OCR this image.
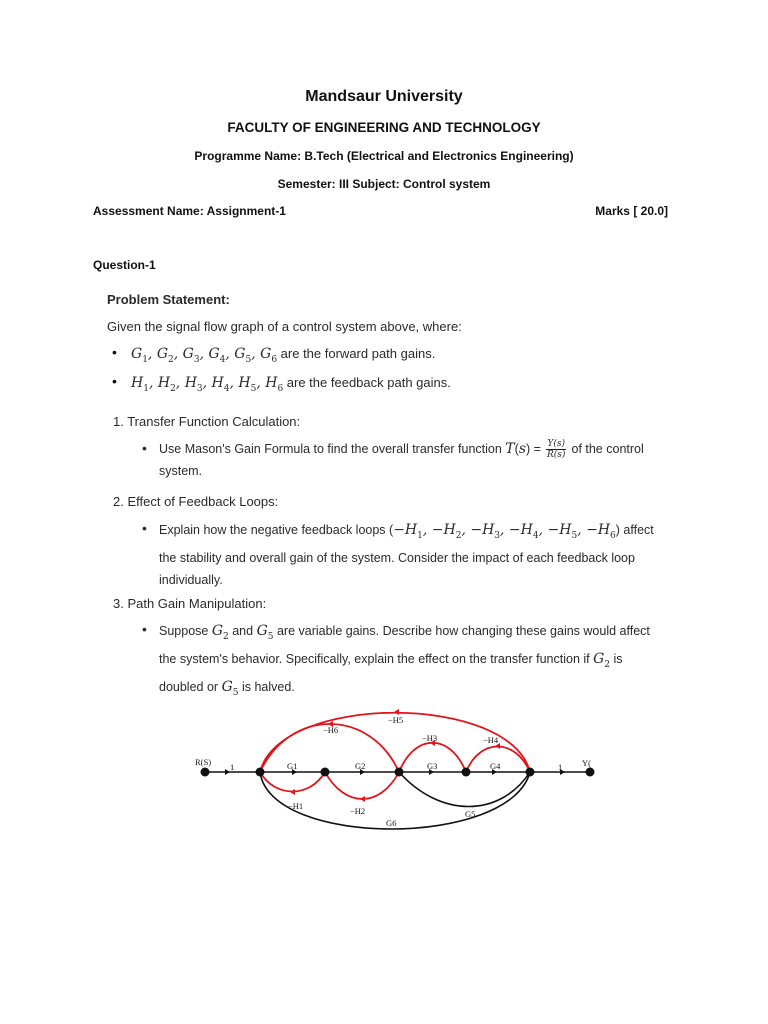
Mandsaur University
FACULTY OF ENGINEERING AND TECHNOLOGY
Programme Name: B.Tech (Electrical and Electronics Engineering)
Semester: III Subject: Control system
Assessment Name: Assignment-1	Marks [ 20.0]
Question-1
Problem Statement:
Given the signal flow graph of a control system above, where:
• $G_1$, $G_2$, $G_3$, $G_4$, $G_5$, $G_6$ are the forward path gains.
• $H_1$, $H_2$, $H_3$, $H_4$, $H_5$, $H_6$ are the feedback path gains.
1. Transfer Function Calculation:
• Use Mason's Gain Formula to find the overall transfer function $T(s) = \frac{Y(s)}{R(s)}$ of the control
system.
2. Effect of Feedback Loops:
• Explain how the negative feedback loops ($-H_1$, $-H_2$, $-H_3$, $-H_4$, $-H_5$, $-H_6$) affect
the stability and overall gain of the system. Consider the impact of each feedback loop
individually.
3. Path Gain Manipulation:
• Suppose $G_2$ and $G_5$ are variable gains. Describe how changing these gains would affect
the system's behavior. Specifically, explain the effect on the transfer function if $G_2$ is
doubled or $G_5$ is halved.
R(S) 1	G1	G2	G3	G4	1 Y(
G5
G6
−H1	−H2
−H3	−H4
−H5
−H6
